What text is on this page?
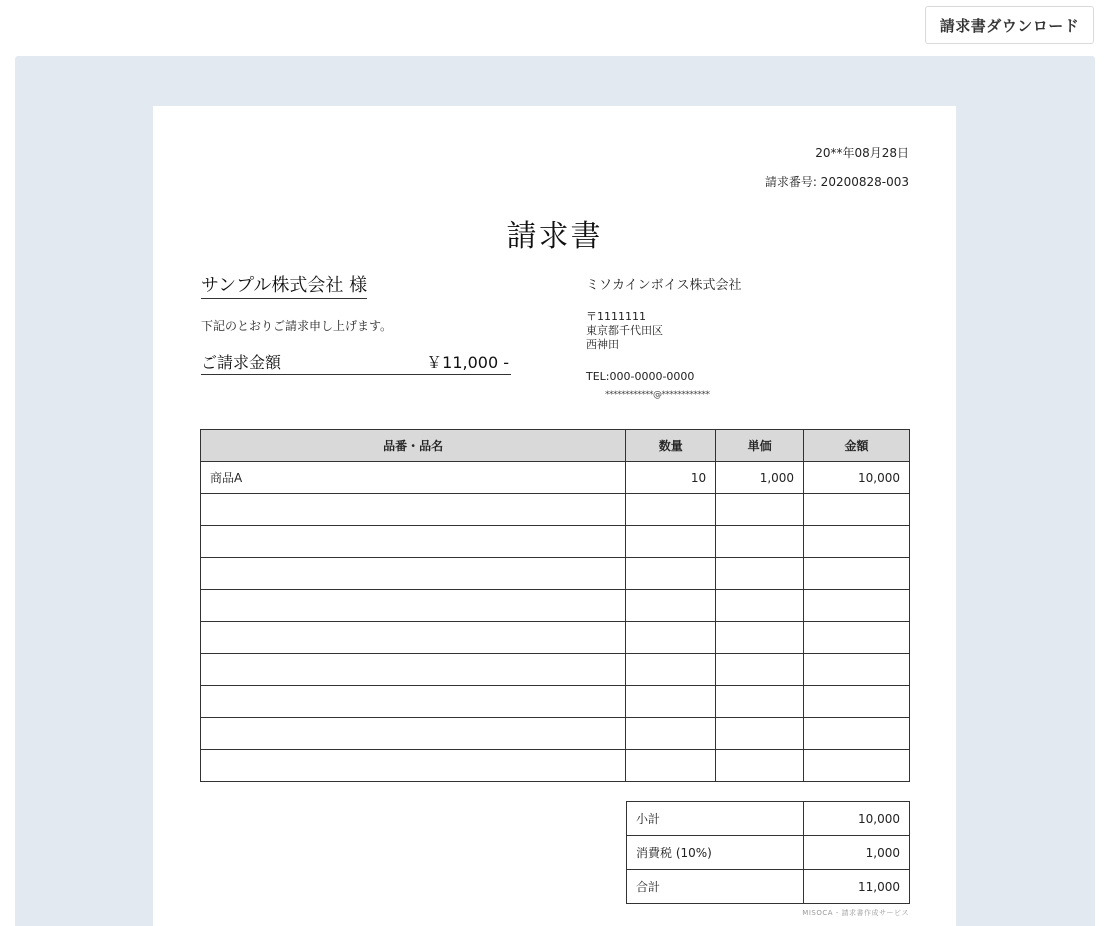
請求書ダウンロード
20**年08月28日
請求番号: 20200828-003
請求書
サンプル株式会社 様
下記のとおりご請求申し上げます。
ご請求金額	￥11,000 -
ミソカインボイス株式会社
〒1111111
東京都千代田区
西神田
TEL:000-0000-0000
************@************
品番・品名	数量	単価	金額
商品A	10	1,000	10,000

小計	10,000
消費税 (10%)	1,000
合計	11,000
MISOCA - 請求書作成サービス
